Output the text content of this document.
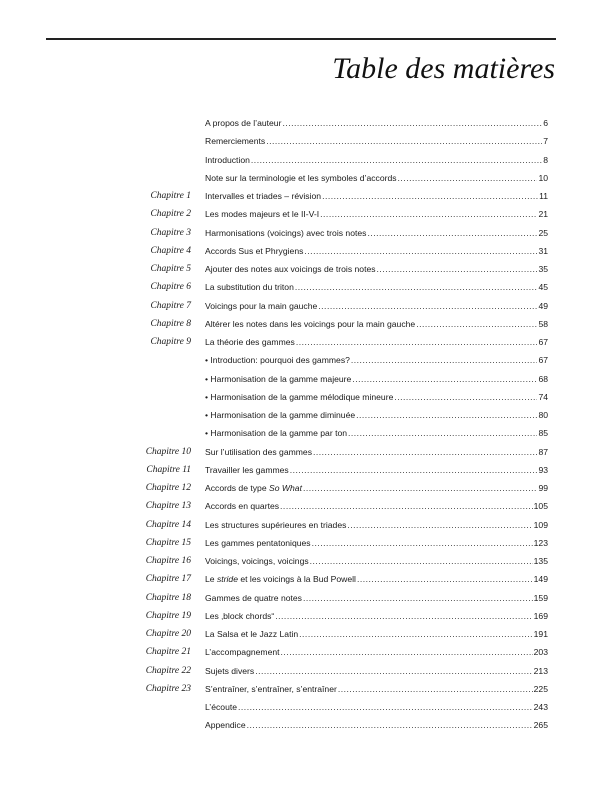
Table des matières
A propos de l’auteur .....	6
Remerciements .....	7
Introduction .....	8
Note sur la terminologie et les symboles d’accords .....	10
Chapitre 1 Intervalles et triades – révision .....	11
Chapitre 2 Les modes majeurs et le II-V-I .....	21
Chapitre 3 Harmonisations (voicings) avec trois notes .....	25
Chapitre 4 Accords Sus et Phrygiens .....	31
Chapitre 5 Ajouter des notes aux voicings de trois notes .....	35
Chapitre 6 La substitution du triton .....	45
Chapitre 7 Voicings pour la main gauche .....	49
Chapitre 8 Altérer les notes dans les voicings pour la main gauche .....	58
Chapitre 9 La théorie des gammes .....	67
• Introduction: pourquoi des gammes? .....	67
• Harmonisation de la gamme majeure .....	68
• Harmonisation de la gamme mélodique mineure .....	74
• Harmonisation de la gamme diminuée .....	80
• Harmonisation de la gamme par ton .....	85
Chapitre 10 Sur l’utilisation des gammes .....	87
Chapitre 11 Travailler les gammes .....	93
Chapitre 12 Accords de type So What .....	99
Chapitre 13 Accords en quartes .....	105
Chapitre 14 Les structures supérieures en triades .....	109
Chapitre 15 Les gammes pentatoniques .....	123
Chapitre 16 Voicings, voicings, voicings .....	135
Chapitre 17 Le stride et les voicings à la Bud Powell .....	149
Chapitre 18 Gammes de quatre notes .....	159
Chapitre 19 Les ‚block chords“ .....	169
Chapitre 20 La Salsa et le Jazz Latin .....	191
Chapitre 21 L’accompagnement .....	203
Chapitre 22 Sujets divers .....	213
Chapitre 23 S’entraîner, s’entraîner, s’entraîner .....	225
L’écoute .....	243
Appendice .....	265
